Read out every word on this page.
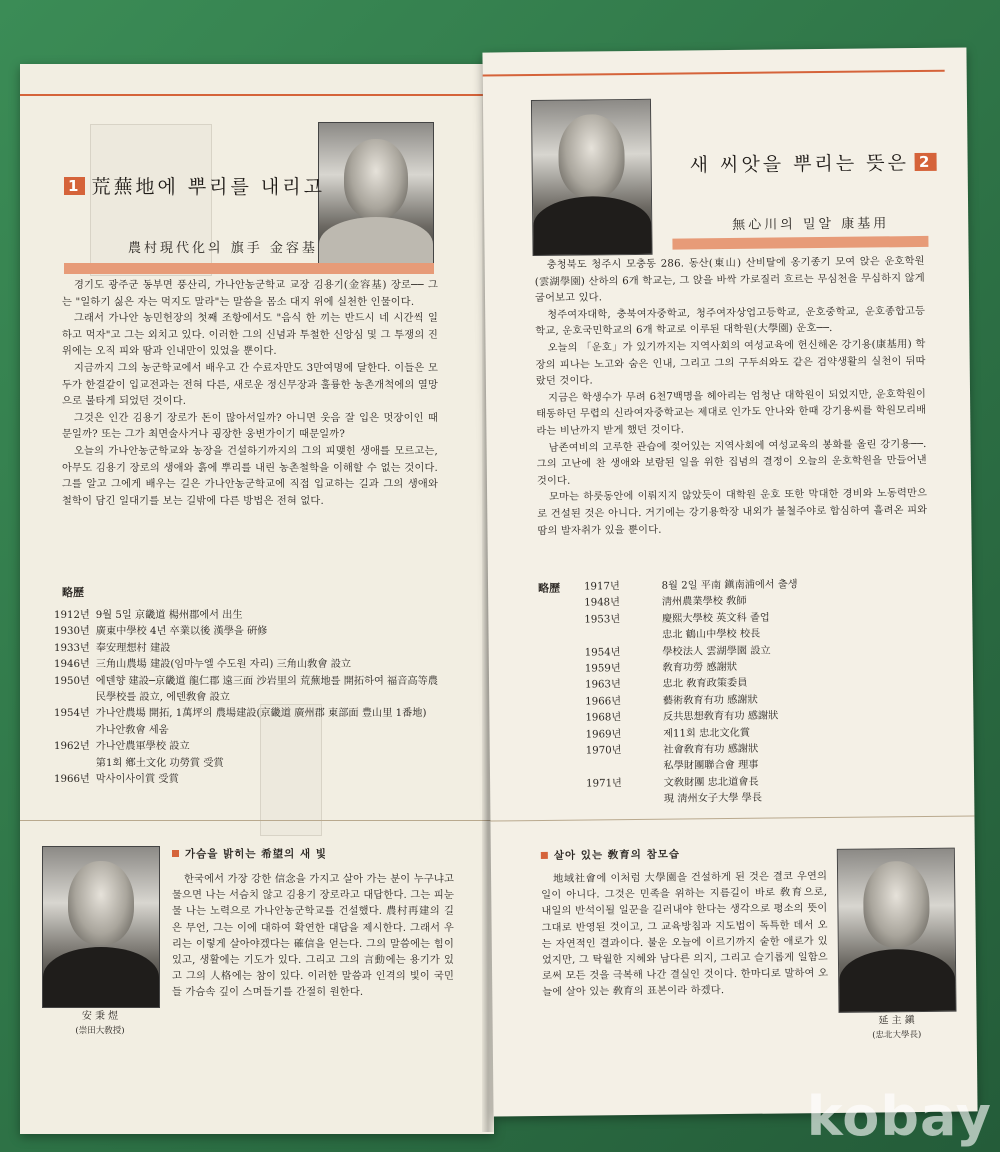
1 荒蕪地에 뿌리를 내리고
農村現代化의 旗手 金容基

경기도 광주군 동부면 풍산리, 가나안농군학교 교장 김용기(金容基) 장로── 그는 "일하기 싫은 자는 먹지도 말라"는 말씀을 몸소 대지 위에 실천한 인물이다.

그래서 가나안 농민헌장의 첫째 조항에서도 "음식 한 끼는 반드시 네 시간씩 일하고 먹자"고 그는 외치고 있다. 이러한 그의 신념과 투철한 신앙심 및 그 투쟁의 진 위에는 오직 피와 땀과 인내만이 있었을 뿐이다.

지금까지 그의 농군학교에서 배우고 간 수료자만도 3만여명에 달한다. 이들은 모두가 한결같이 입교전과는 전혀 다른, 새로운 정신무장과 훌륭한 농촌개척에의 열망으로 불타게 되었던 것이다.

그것은 인간 김용기 장로가 돈이 많아서일까? 아니면 웃음 잘 입은 멋장이인 때문일까? 또는 그가 최면술사거나 굉장한 웅변가이기 때문일까?

오늘의 가나안농군학교와 농장을 건설하기까지의 그의 피맺힌 생애를 모르고는, 아무도 김용기 장로의 생애와 흙에 뿌리를 내린 농촌철학을 이해할 수 없는 것이다. 그를 알고 그에게 배우는 길은 가나안농군학교에 직접 입교하는 길과 그의 생애와 철학이 담긴 일대기를 보는 길밖에 다른 방법은 전혀 없다.

略歷
1912년	9월 5일 京畿道 楊州郡에서 出生
1930년	廣東中學校 4년 卒業以後 漢學을 硏修
1933년	奉安理想村 建設
1946년	三角山農場 建設(임마누엘 수도원 자리) 三角山敎會 設立
1950년	에덴향 建設─京畿道 龍仁郡 遠三面 沙岩里의 荒蕪地를 開拓하여 福音高等農民學校를 設立, 에덴敎會 設立
1954년	가나안農場 開拓, 1萬坪의 農場建設(京畿道 廣州郡 東部面 豊山里 1番地)
가나안敎會 세움
1962년	가나안農軍學校 設立
第1회 鄕土文化 功勞賞 受賞
1966년	막사이사이賞 受賞
安 秉 煜
(崇田大敎授)
가슴을 밝히는 希望의 새 빛

한국에서 가장 강한 信念을 가지고 살아 가는 분이 누구냐고 물으면 나는 서슴치 않고 김용기 장로라고 대답한다. 그는 피눈물 나는 노력으로 가나안농군학교를 건설했다. 農村再建의 길은 무언, 그는 이에 대하여 확연한 대답을 제시한다. 그래서 우리는 이렇게 살아야겠다는 確信을 얻는다. 그의 말씀에는 힘이 있고, 생활에는 기도가 있다. 그리고 그의 言動에는 용기가 있고 그의 人格에는 참이 있다. 이러한 말씀과 인격의 빛이 국민들 가슴속 깊이 스며들기를 간절히 원한다.

새 씨앗을 뿌리는 뜻은 2
無心川의 밀알 康基用

충청북도 청주시 모충동 286. 동산(東山) 산비탈에 옹기종기 모여 앉은 운호학원(雲湖學園) 산하의 6개 학교는, 그 앉을 바싹 가로질러 흐르는 무심천을 무심하지 않게 굽어보고 있다.

청주여자대학, 충북여자중학교, 청주여자상업고등학교, 운호중학교, 운호종합고등학교, 운호국민학교의 6개 학교로 이루된 대학원(大學園) 운호──.

오늘의 「운호」가 있기까지는 지역사회의 여성교육에 헌신해온 강기용(康基用) 학장의 피나는 노고와 숨은 인내, 그리고 그의 구두쇠와도 같은 검약생활의 실천이 뒤따랐던 것이다.

지금은 학생수가 무려 6천7백명을 헤아리는 엄청난 대학원이 되었지만, 운호학원이 태동하던 무렵의 신라여자중학교는 제대로 인가도 안나와 한때 강기용씨를 학원모리배라는 비난까지 받게 했던 것이다.

남존여비의 고루한 관습에 젖어있는 지역사회에 여성교육의 봉화를 올린 강기용──. 그의 고난에 찬 생애와 보람된 일을 위한 집념의 결정이 오늘의 운호학원을 만들어낸 것이다.

모마는 하룻동안에 이뤄지지 않았듯이 대학원 운호 또한 막대한 경비와 노동력만으로 건설된 것은 아니다. 거기에는 강기용학장 내외가 불철주야로 합심하여 흘려온 피와 땀의 발자취가 있을 뿐이다.

略歷 1917년	8월 2일 平南 鎭南浦에서 출생
1948년	淸州農業學校 敎師
1953년	慶熙大學校 英文科 졸업
忠北 鶴山中學校 校長
1954년	學校法人 雲湖學園 設立
1959년	敎育功勞 感謝狀
1963년	忠北 敎育政策委員
1966년	藝術敎育有功 感謝狀
1968년	反共思想敎育有功 感謝狀
1969년	제11회 忠北文化賞
1970년	社會敎育有功 感謝狀
私學財團聯合會 理事
1971년	文敎財團 忠北道會長
現 淸州女子大學 學長
살아 있는 敎育의 참모습

地域社會에 이처럼 大學園을 건설하게 된 것은 결코 우연의 일이 아니다. 그것은 민족을 위하는 지름길이 바로 敎育으로, 내일의 반석이될 일꾼을 길러내야 한다는 생각으로 평소의 뜻이 그대로 반영된 것이고, 그 교육방침과 지도법이 독특한 데서 오는 자연적인 결과이다. 불운 오늘에 이르기까지 숱한 애로가 있었지만, 그 탁월한 지혜와 남다른 의지, 그리고 슬기롭게 일함으로써 모든 것을 극복해 나간 결실인 것이다. 한마디로 말하여 오늘에 살아 있는 敎育의 표본이라 하겠다.

延 主 鎭
(忠北大學長)
kobay
